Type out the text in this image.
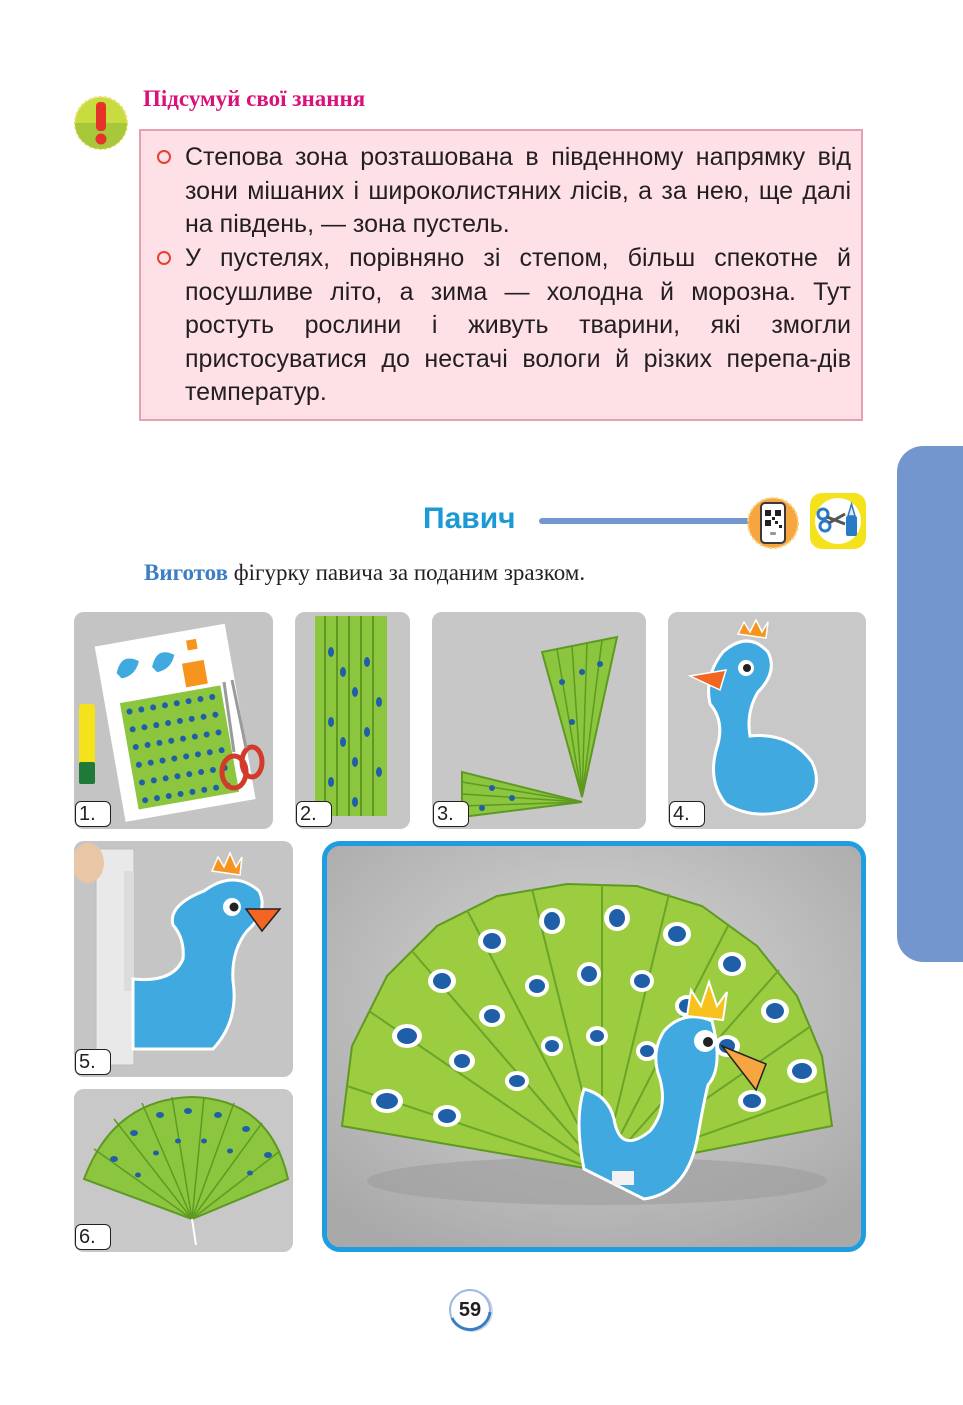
Підсумуй свої знання
Степова зона розташована в південному напрямку від зони мішаних і широколистяних лісів, а за нею, ще далі на південь, — зона пустель.
У пустелях, порівняно зі степом, більш спекотне й посушливе літо, а зима — холодна й морозна. Тут ростуть рослини і живуть тварини, які змогли пристосуватися до нестачі вологи й різких перепа-дів температур.
Павич
Виготов фігурку павича за поданим зразком.
1.	2.	3.	4.
5.
6.
59
